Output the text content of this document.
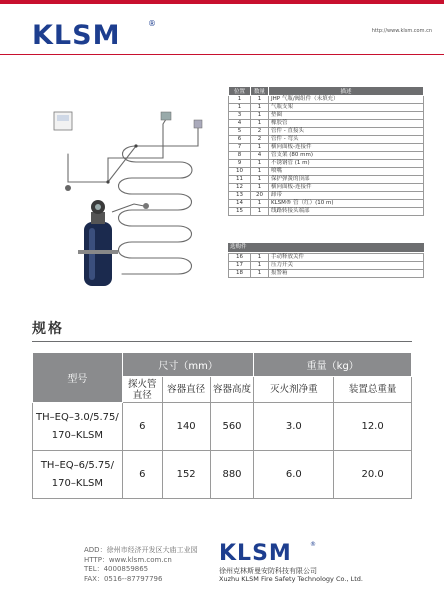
KLSM	®
http://www.klsm.com.cn
位置	数量	描述
1	1	JHP 气瓶/阀组件（未填充）
1	1	气瓶支架
3	1	垫圈
4	1	橡胶管
5	2	管件 - 直接头
6	2	管件 - 弯头
7	1	横向面板-连接件
8	4	管支架 (80 mm)
9	1	不锈钢管 (1 m)
10	1	喷嘴
11	1	保护弹簧的顶部
12	1	横向面板-连接件
13	20	卸带
14	1	KLSM® 管（红）(10 m)
15	1	线路转接头端部
选购件
16	1	手动释放关件
17	1	压力开关
18	1	报警箱
规格
型号	尺寸（mm）			重量（kg）	
	探火管
直径	容器直径	容器高度	灭火剂净重	装置总重量
TH–EQ–3.0/5.75/
170–KLSM	6	140	560	3.0	12.0
TH–EQ–6/5.75/
170–KLSM	6	152	880	6.0	20.0
ADD：徐州市经济开发区大庙工业园
HTTP：www.klsm.com.cn
TEL：4000859865
FAX：0516--87797796
KLSM	®
徐州克林斯曼安防科技有限公司
Xuzhu KLSM Fire Safety Technology Co., Ltd.
